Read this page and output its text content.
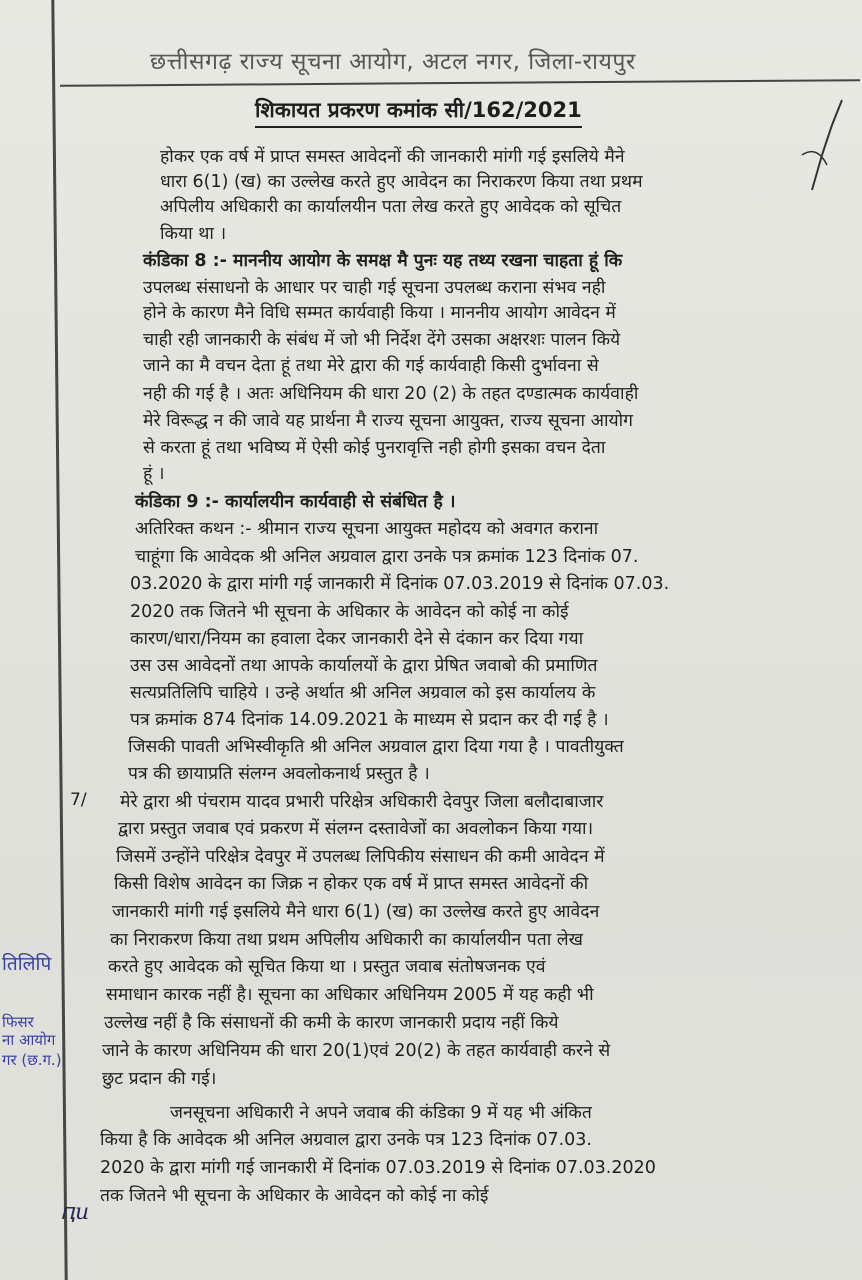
छत्तीसगढ़ राज्य सूचना आयोग, अटल नगर, जिला-रायपुर
शिकायत प्रकरण कमांक सी/162/2021
होकर एक वर्ष में प्राप्त समस्त आवेदनों की जानकारी मांगी गई इसलिये मैने
धारा 6(1) (ख) का उल्लेख करते हुए आवेदन का निराकरण किया तथा प्रथम
अपिलीय अधिकारी का कार्यालयीन पता लेख करते हुए आवेदक को सूचित
किया था ।
कंडिका 8 :- माननीय आयोग के समक्ष मै पुनः यह तथ्य रखना चाहता हूं कि
उपलब्ध संसाधनो के आधार पर चाही गई सूचना उपलब्ध कराना संभव नही
होने के कारण मैने विधि सम्मत कार्यवाही किया । माननीय आयोग आवेदन में
चाही रही जानकारी के संबंध में जो भी निर्देश देंगे उसका अक्षरशः पालन किये
जाने का मै वचन देता हूं तथा मेरे द्वारा की गई कार्यवाही किसी दुर्भावना से
नही की गई है । अतः अधिनियम की धारा 20 (2) के तहत दण्डात्मक कार्यवाही
मेरे विरूद्ध न की जावे यह प्रार्थना मै राज्य सूचना आयुक्त, राज्य सूचना आयोग
से करता हूं तथा भविष्य में ऐसी कोई पुनरावृत्ति नही होगी इसका वचन देता
हूं ।
कंडिका 9 :- कार्यालयीन कार्यवाही से संबंधित है ।
अतिरिक्त कथन :- श्रीमान राज्य सूचना आयुक्त महोदय को अवगत कराना
चाहूंगा कि आवेदक श्री अनिल अग्रवाल द्वारा उनके पत्र क्रमांक 123 दिनांक 07.
03.2020 के द्वारा मांगी गई जानकारी में दिनांक 07.03.2019 से दिनांक 07.03.
2020 तक जितने भी सूचना के अधिकार के आवेदन को कोई ना कोई
कारण/धारा/नियम का हवाला देकर जानकारी देने से दंकान कर दिया गया
उस उस आवेदनों तथा आपके कार्यालयों के द्वारा प्रेषित जवाबो की प्रमाणित
सत्यप्रतिलिपि चाहिये । उन्हे अर्थात श्री अनिल अग्रवाल को इस कार्यालय के
पत्र क्रमांक 874 दिनांक 14.09.2021 के माध्यम से प्रदान कर दी गई है ।
जिसकी पावती अभिस्वीकृति श्री अनिल अग्रवाल द्वारा दिया गया है । पावतीयुक्त
पत्र की छायाप्रति संलग्न अवलोकनार्थ प्रस्तुत है ।
मेरे द्वारा श्री पंचराम यादव प्रभारी परिक्षेत्र अधिकारी देवपुर जिला बलौदाबाजार
द्वारा प्रस्तुत जवाब एवं प्रकरण में संलग्न दस्तावेजों का अवलोकन किया गया।
जिसमें उन्होंने परिक्षेत्र देवपुर में उपलब्ध लिपिकीय संसाधन की कमी आवेदन में
किसी विशेष आवेदन का जिक्र न होकर एक वर्ष में प्राप्त समस्त आवेदनों की
जानकारी मांगी गई इसलिये मैने धारा 6(1) (ख) का उल्लेख करते हुए आवेदन
का निराकरण किया तथा प्रथम अपिलीय अधिकारी का कार्यालयीन पता लेख
करते हुए आवेदक को सूचित किया था । प्रस्तुत जवाब संतोषजनक एवं
समाधान कारक नहीं है। सूचना का अधिकार अधिनियम 2005 में यह कही भी
उल्लेख नहीं है कि संसाधनों की कमी के कारण जानकारी प्रदाय नहीं किये
जाने के कारण अधिनियम की धारा 20(1)एवं 20(2) के तहत कार्यवाही करने से
छुट प्रदान की गई।
जनसूचना अधिकारी ने अपने जवाब की कंडिका 9 में यह भी अंकित
किया है कि आवेदक श्री अनिल अग्रवाल द्वारा उनके पत्र 123 दिनांक 07.03.
2020 के द्वारा मांगी गई जानकारी में दिनांक 07.03.2019 से दिनांक 07.03.2020
तक जितने भी सूचना के अधिकार के आवेदन को कोई ना कोई
7/
तिलिपि
फिसर
ना आयोग
गर (छ.ग.)
ԥu
